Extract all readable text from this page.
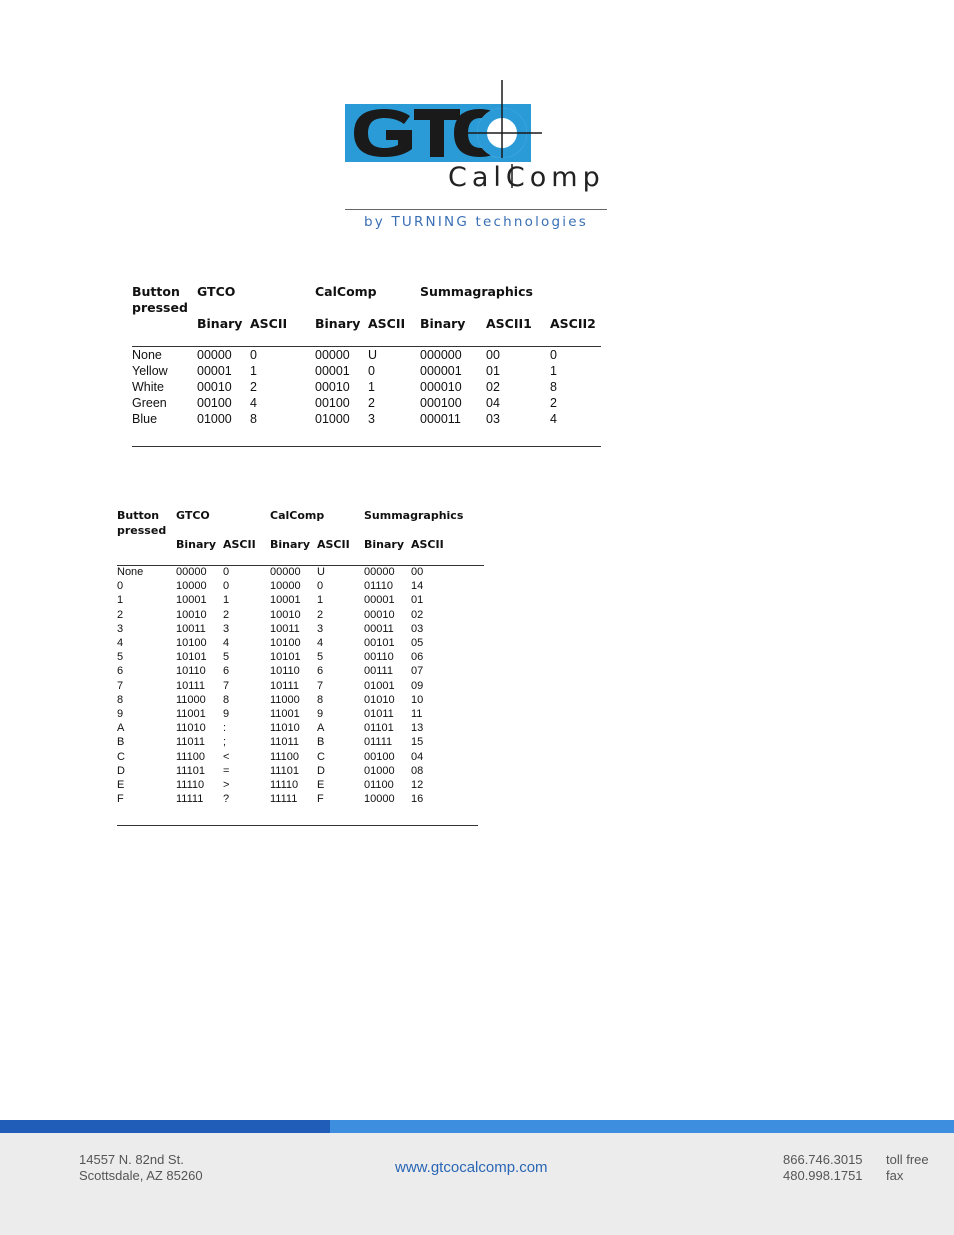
CalComp
by TURNING technologies
Button
pressed
GTCO	CalComp	Summagraphics
Binary ASCII Binary ASCII Binary ASCII1 ASCII2
None	00000 0	00000 U	000000 00	0
Yellow 00001 1	00001 0	000001 01	1
White	00010 2	00010 1	000010 02	8
Green 00100 4	00100 2	000100 04	2
Blue	01000 8	01000 3	000011 03	4
Button
pressed
GTCO	CalComp	Summagraphics
Binary ASCII Binary ASCII Binary ASCII
None	00000 0	00000 U	00000 00
0	10000 0	10000 0	01110 14
1	10001 1	10001 1	00001 01
2	10010 2	10010 2	00010 02
3	10011 3	10011 3	00011 03
4	10100 4	10100 4	00101 05
5	10101 5	10101 5	00110 06
6	10110 6	10110 6	00111 07
7	10111 7	10111 7	01001 09
8	11000 8	11000 8	01010 10
9	11001 9	11001 9	01011 11
A	11010 :	11010 A	01101 13
B	11011 ;	11011 B	01111 15
C	11100 <	11100 C	00100 04
D	11101 =	11101 D	01000 08
E	11110 >	11110 E	01100 12
F	11111 ?	11111 F	10000 16
14557 N. 82nd St.
Scottsdale, AZ 85260	www.gtcocalcomp.com	866.746.3015
480.998.1751
toll free
fax
